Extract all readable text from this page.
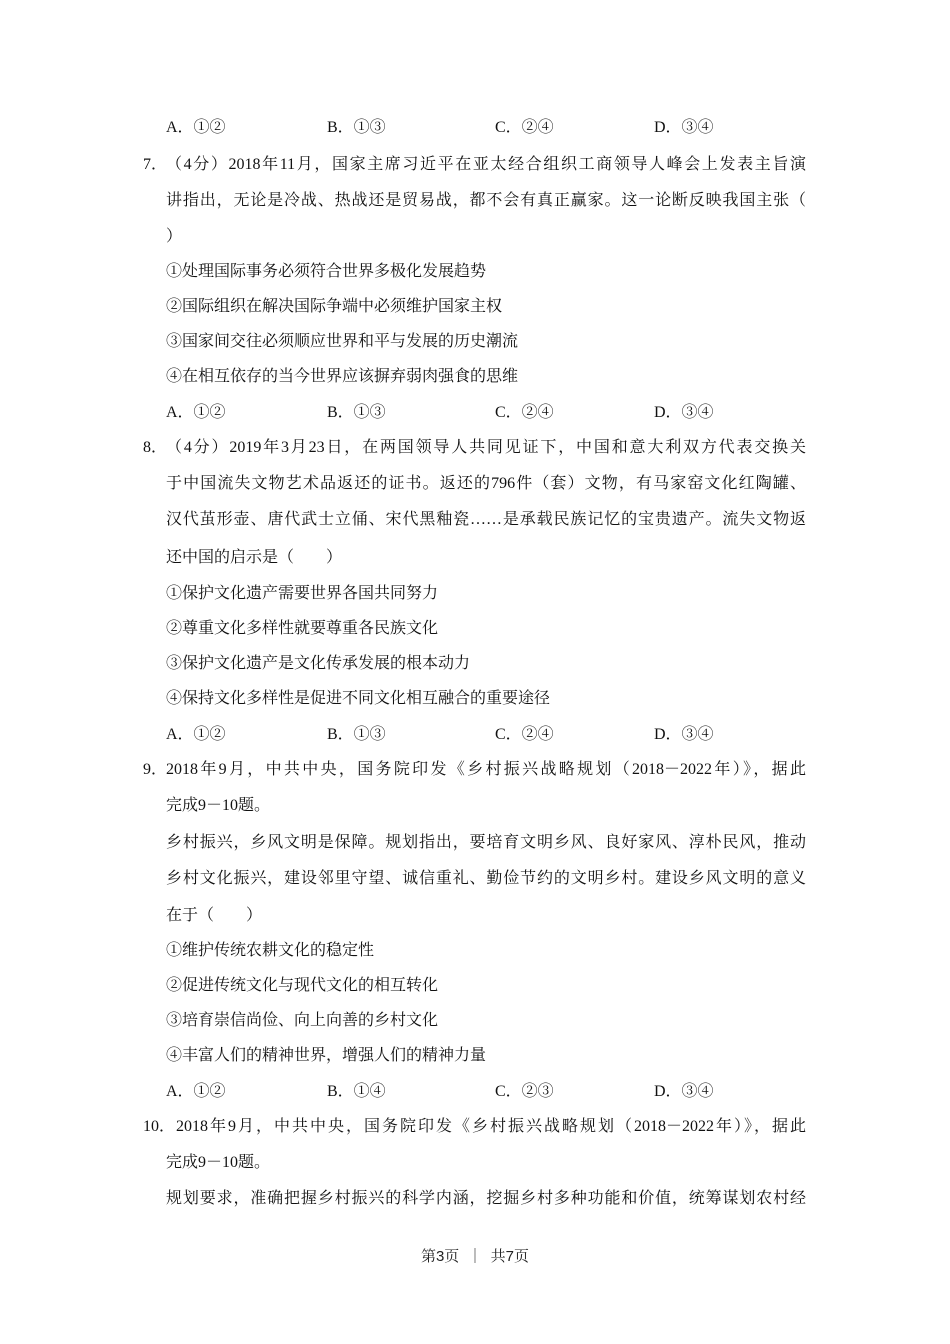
A．①②	B．①③	C．②④	D．③④
7．
（4分）2018年11月，国家主席习近平在亚太经合组织工商领导人峰会上发表主旨演
讲指出，无论是冷战、热战还是贸易战，都不会有真正赢家。这一论断反映我国主张（
）
①处理国际事务必须符合世界多极化发展趋势
②国际组织在解决国际争端中必须维护国家主权
③国家间交往必须顺应世界和平与发展的历史潮流
④在相互依存的当今世界应该摒弃弱肉强食的思维
A．①②	B．①③	C．②④	D．③④
8．
（4分）2019年3月23日，在两国领导人共同见证下，中国和意大利双方代表交换关
于中国流失文物艺术品返还的证书。返还的796件（套）文物，有马家窑文化红陶罐、
汉代茧形壶、唐代武士立俑、宋代黑釉瓷……是承载民族记忆的宝贵遗产。流失文物返
还中国的启示是（　　）
①保护文化遗产需要世界各国共同努力
②尊重文化多样性就要尊重各民族文化
③保护文化遗产是文化传承发展的根本动力
④保持文化多样性是促进不同文化相互融合的重要途径
A．①②	B．①③	C．②④	D．③④
9．
2018年9月，中共中央，国务院印发《乡村振兴战略规划（2018－2022年）》，据此
完成9－10题。
乡村振兴，乡风文明是保障。规划指出，要培育文明乡风、良好家风、淳朴民风，推动
乡村文化振兴，建设邻里守望、诚信重礼、勤俭节约的文明乡村。建设乡风文明的意义
在于（　　）
①维护传统农耕文化的稳定性
②促进传统文化与现代文化的相互转化
③培育崇信尚俭、向上向善的乡村文化
④丰富人们的精神世界，增强人们的精神力量
A．①②	B．①④	C．②③	D．③④
10． 2018年9月，中共中央，国务院印发《乡村振兴战略规划（2018－2022年）》，据此
完成9－10题。
规划要求，准确把握乡村振兴的科学内涵，挖掘乡村多种功能和价值，统筹谋划农村经
第3页 ｜ 共7页
